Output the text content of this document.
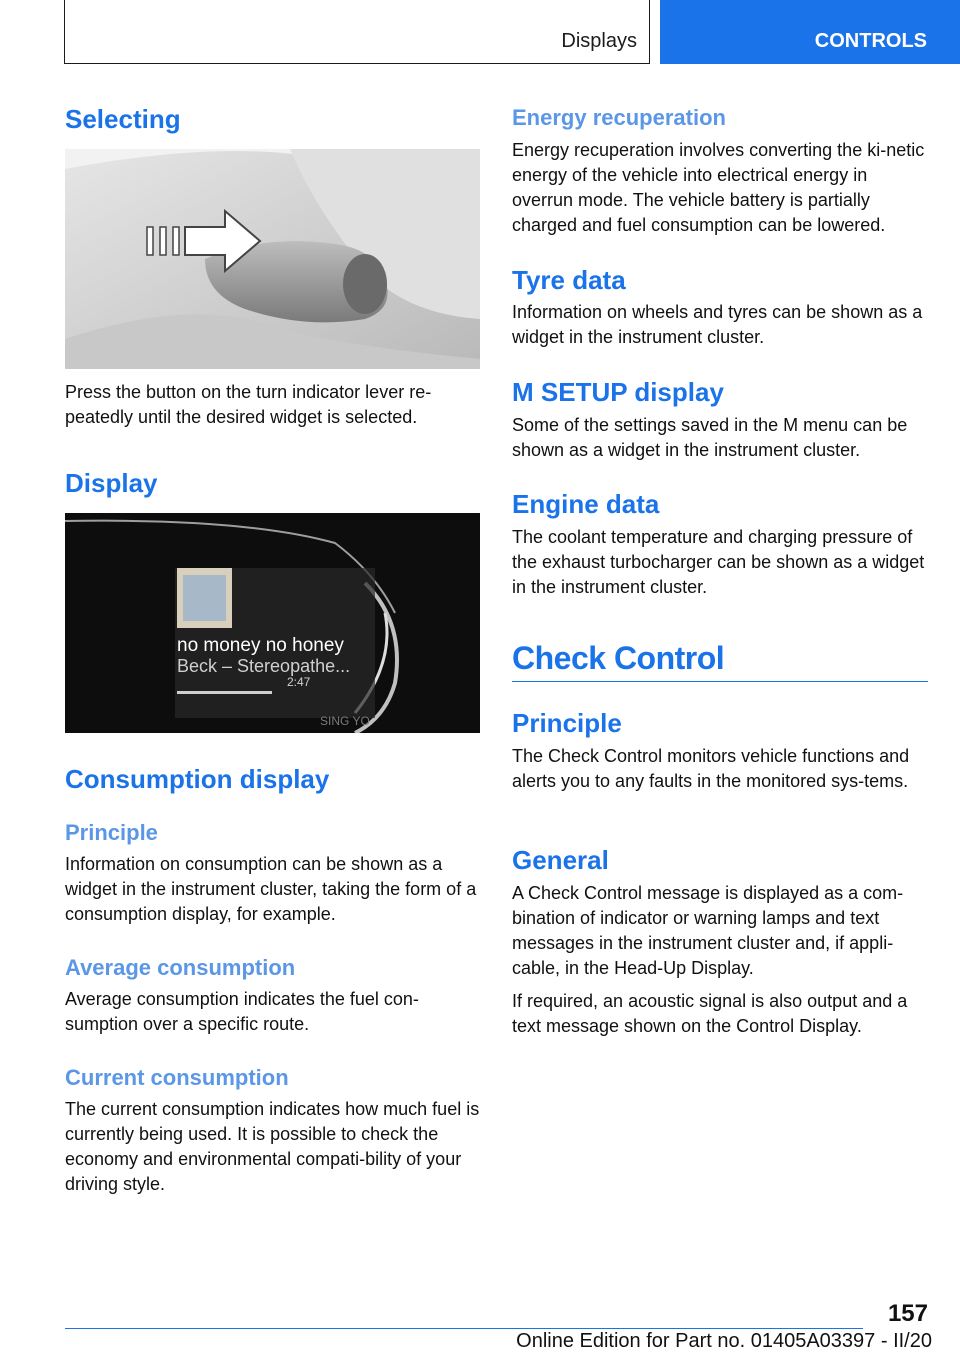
Displays	CONTROLS
Selecting

Press the button on the turn indicator lever re-peatedly until the desired widget is selected.

Display
SING YO
no money no honey
Beck – Stereopathe...
2:47
Consumption display
Principle

Information on consumption can be shown as a widget in the instrument cluster, taking the form of a consumption display, for example.

Average consumption

Average consumption indicates the fuel con-sumption over a specific route.

Current consumption

The current consumption indicates how much fuel is currently being used. It is possible to check the economy and environmental compati-bility of your driving style.

Energy recuperation

Energy recuperation involves converting the ki-netic energy of the vehicle into electrical energy in overrun mode. The vehicle battery is partially charged and fuel consumption can be lowered.

Tyre data

Information on wheels and tyres can be shown as a widget in the instrument cluster.

M SETUP display

Some of the settings saved in the M menu can be shown as a widget in the instrument cluster.

Engine data

The coolant temperature and charging pressure of the exhaust turbocharger can be shown as a widget in the instrument cluster.

Check Control
Principle

The Check Control monitors vehicle functions and alerts you to any faults in the monitored sys-tems.

General

A Check Control message is displayed as a com-bination of indicator or warning lamps and text messages in the instrument cluster and, if appli-cable, in the Head-Up Display.

If required, an acoustic signal is also output and a text message shown on the Control Display.

157
Online Edition for Part no. 01405A03397 - II/20
